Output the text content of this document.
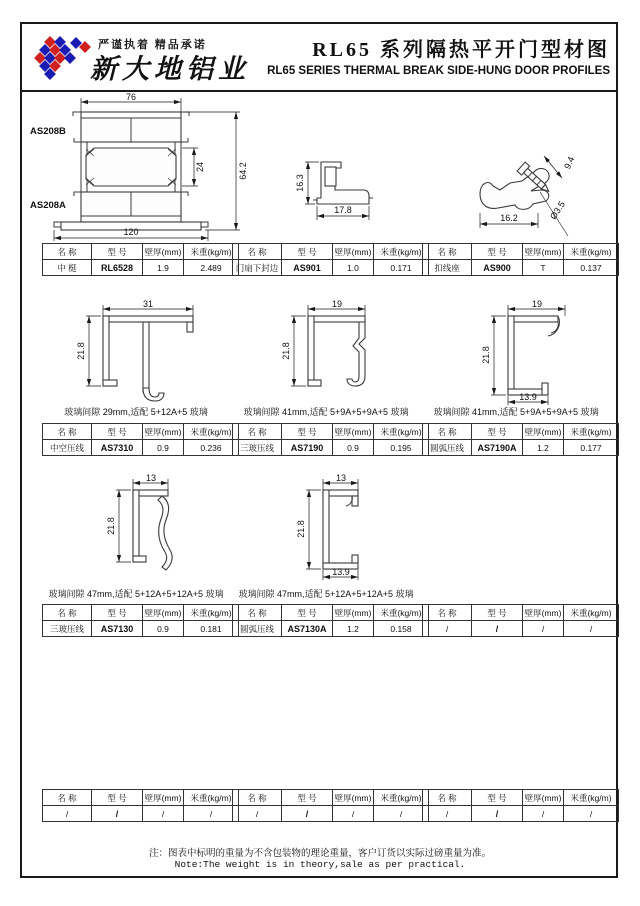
严谨执着 精品承诺
新大地铝业
RL65 系列隔热平开门型材图
RL65 SERIES THERMAL BREAK SIDE-HUNG DOOR PROFILES
76
24	64.2
120
AS208B
AS208A
16.3
17.8
9.4
Ø3.5
16.2
31
21.8
19
21.8
19
21.8
13.9
13
21.8
13
21.8
13.9
玻璃间隙 29mm,适配 5+12A+5 玻璃	玻璃间隙 41mm,适配 5+9A+5+9A+5 玻璃	玻璃间隙 41mm,适配 5+9A+5+9A+5 玻璃
玻璃间隙 47mm,适配 5+12A+5+12A+5 玻璃	玻璃间隙 47mm,适配 5+12A+5+12A+5 玻璃
名 称	型 号	壁厚(mm)	米重(kg/m)
中 梃	RL6528	1.9	2.489
名 称	型 号	壁厚(mm)	米重(kg/m)
门扇下封边	AS901	1.0	0.171
名 称	型 号	壁厚(mm)	米重(kg/m)
扣线座	AS900	T	0.137
名 称	型 号	壁厚(mm)	米重(kg/m)
中空压线	AS7310	0.9	0.236
名 称	型 号	壁厚(mm)	米重(kg/m)
三玻压线	AS7190	0.9	0.195
名 称	型 号	壁厚(mm)	米重(kg/m)
圆弧压线	AS7190A	1.2	0.177
名 称	型 号	壁厚(mm)	米重(kg/m)
三玻压线	AS7130	0.9	0.181
名 称	型 号	壁厚(mm)	米重(kg/m)
圆弧压线	AS7130A	1.2	0.158
名 称	型 号	壁厚(mm)	米重(kg/m)
/	/	/	/
名 称	型 号	壁厚(mm)	米重(kg/m)
/	/	/	/
名 称	型 号	壁厚(mm)	米重(kg/m)
/	/	/	/
名 称	型 号	壁厚(mm)	米重(kg/m)
/	/	/	/
注：图表中标明的重量为不含包装物的理论重量，客户订货以实际过磅重量为准。
Note:The weight is in theory,sale as per practical.
